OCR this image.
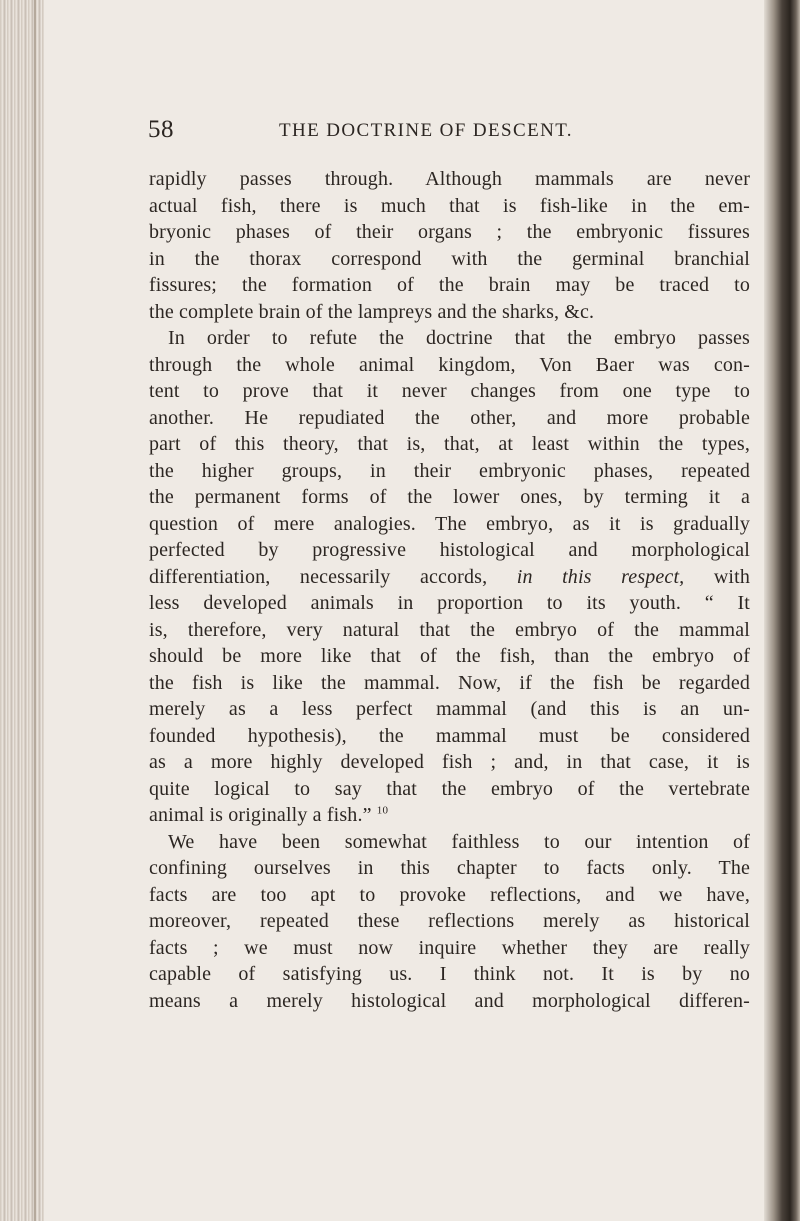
58	THE DOCTRINE OF DESCENT.
rapidly passes through. Although mammals are never
actual fish, there is much that is fish-like in the em-
bryonic phases of their organs ; the embryonic fissures
in the thorax correspond with the germinal branchial
fissures; the formation of the brain may be traced to
the complete brain of the lampreys and the sharks, &c.
In order to refute the doctrine that the embryo passes
through the whole animal kingdom, Von Baer was con-
tent to prove that it never changes from one type to
another. He repudiated the other, and more probable
part of this theory, that is, that, at least within the types,
the higher groups, in their embryonic phases, repeated
the permanent forms of the lower ones, by terming it a
question of mere analogies. The embryo, as it is gradually
perfected by progressive histological and morphological
differentiation, necessarily accords, in this respect, with
less developed animals in proportion to its youth. “ It
is, therefore, very natural that the embryo of the mammal
should be more like that of the fish, than the embryo of
the fish is like the mammal. Now, if the fish be regarded
merely as a less perfect mammal (and this is an un-
founded hypothesis), the mammal must be considered
as a more highly developed fish ; and, in that case, it is
quite logical to say that the embryo of the vertebrate
animal is originally a fish.” $^{10}$
We have been somewhat faithless to our intention of
confining ourselves in this chapter to facts only. The
facts are too apt to provoke reflections, and we have,
moreover, repeated these reflections merely as historical
facts ; we must now inquire whether they are really
capable of satisfying us. I think not. It is by no
means a merely histological and morphological differen-
